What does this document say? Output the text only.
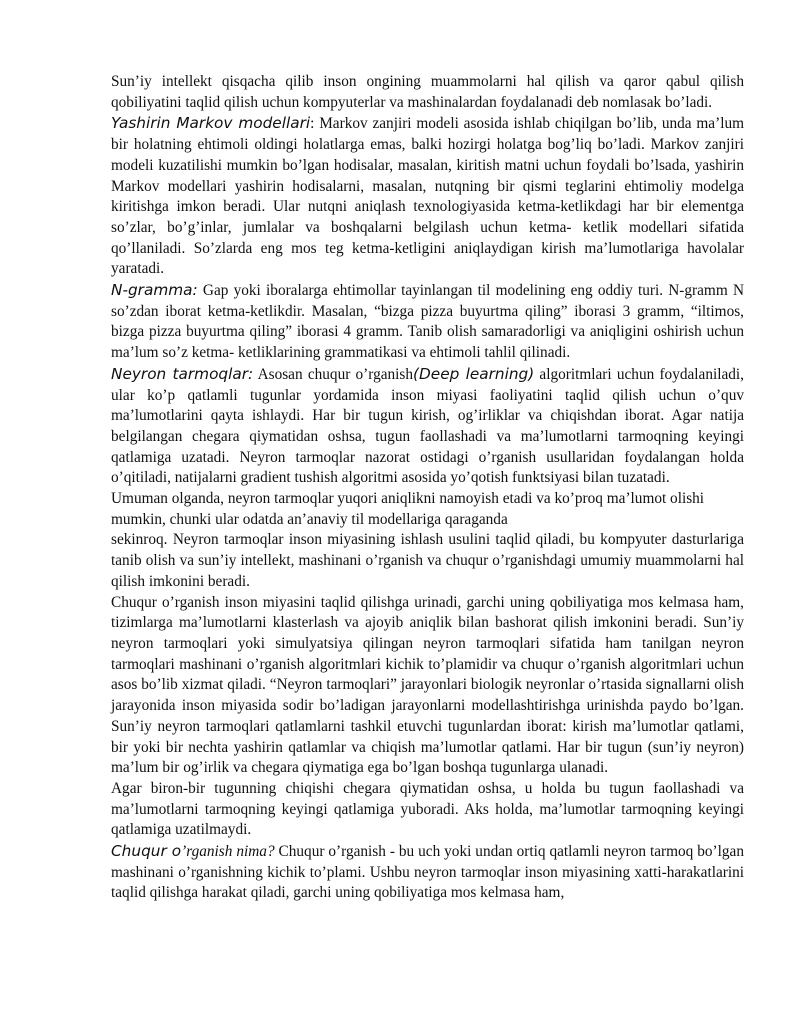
Sun’iy intellekt qisqacha qilib inson ongining muammolarni hal qilish va qaror qabul qilish qobiliyatini taqlid qilish uchun kompyuterlar va mashinalardan foydalanadi deb nomlasak bo’ladi.

Yashirin Markov modellari: Markov zanjiri modeli asosida ishlab chiqilgan bo’lib, unda ma’lum bir holatning ehtimoli oldingi holatlarga emas, balki hozirgi holatga bog’liq bo’ladi. Markov zanjiri modeli kuzatilishi mumkin bo’lgan hodisalar, masalan, kiritish matni uchun foydali bo’lsada, yashirin Markov modellari yashirin hodisalarni, masalan, nutqning bir qismi teglarini ehtimoliy modelga kiritishga imkon beradi. Ular nutqni aniqlash texnologiyasida ketma-ketlikdagi har bir elementga so’zlar, bo’g’inlar, jumlalar va boshqalarni belgilash uchun ketma- ketlik modellari sifatida qo’llaniladi. So’zlarda eng mos teg ketma-ketligini aniqlaydigan kirish ma’lumotlariga havolalar yaratadi.

N-gramma: Gap yoki iboralarga ehtimollar tayinlangan til modelining eng oddiy turi. N-gramm N so’zdan iborat ketma-ketlikdir. Masalan, “bizga pizza buyurtma qiling” iborasi 3 gramm, “iltimos, bizga pizza buyurtma qiling” iborasi 4 gramm. Tanib olish samaradorligi va aniqligini oshirish uchun ma’lum so’z ketma- ketliklarining grammatikasi va ehtimoli tahlil qilinadi.

Neyron tarmoqlar: Asosan chuqur o’rganish(Deep learning) algoritmlari uchun foydalaniladi, ular ko’p qatlamli tugunlar yordamida inson miyasi faoliyatini taqlid qilish uchun o’quv ma’lumotlarini qayta ishlaydi. Har bir tugun kirish, og’irliklar va chiqishdan iborat. Agar natija belgilangan chegara qiymatidan oshsa, tugun faollashadi va ma’lumotlarni tarmoqning keyingi qatlamiga uzatadi. Neyron tarmoqlar nazorat ostidagi o’rganish usullaridan foydalangan holda o’qitiladi, natijalarni gradient tushish algoritmi asosida yo’qotish funktsiyasi bilan tuzatadi.

Umuman olganda, neyron tarmoqlar yuqori aniqlikni namoyish etadi va ko’proq ma’lumot olishi mumkin, chunki ular odatda an’anaviy til modellariga qaraganda

sekinroq. Neyron tarmoqlar inson miyasining ishlash usulini taqlid qiladi, bu kompyuter dasturlariga tanib olish va sun’iy intellekt, mashinani o’rganish va chuqur o’rganishdagi umumiy muammolarni hal qilish imkonini beradi.

Chuqur o’rganish inson miyasini taqlid qilishga urinadi, garchi uning qobiliyatiga mos kelmasa ham, tizimlarga ma’lumotlarni klasterlash va ajoyib aniqlik bilan bashorat qilish imkonini beradi. Sun’iy neyron tarmoqlari yoki simulyatsiya qilingan neyron tarmoqlari sifatida ham tanilgan neyron tarmoqlari mashinani o’rganish algoritmlari kichik to’plamidir va chuqur o’rganish algoritmlari uchun asos bo’lib xizmat qiladi. “Neyron tarmoqlari” jarayonlari biologik neyronlar o’rtasida signallarni olish jarayonida inson miyasida sodir bo’ladigan jarayonlarni modellashtirishga urinishda paydo bo’lgan. Sun’iy neyron tarmoqlari qatlamlarni tashkil etuvchi tugunlardan iborat: kirish ma’lumotlar qatlami, bir yoki bir nechta yashirin qatlamlar va chiqish ma’lumotlar qatlami. Har bir tugun (sun’iy neyron) ma’lum bir og’irlik va chegara qiymatiga ega bo’lgan boshqa tugunlarga ulanadi.

Agar biron-bir tugunning chiqishi chegara qiymatidan oshsa, u holda bu tugun faollashadi va ma’lumotlarni tarmoqning keyingi qatlamiga yuboradi. Aks holda, ma’lumotlar tarmoqning keyingi qatlamiga uzatilmaydi.

Chuqur o’rganish nima? Chuqur o’rganish - bu uch yoki undan ortiq qatlamli neyron tarmoq bo’lgan mashinani o’rganishning kichik to’plami. Ushbu neyron tarmoqlar inson miyasining xatti-harakatlarini taqlid qilishga harakat qiladi, garchi uning qobiliyatiga mos kelmasa ham,
